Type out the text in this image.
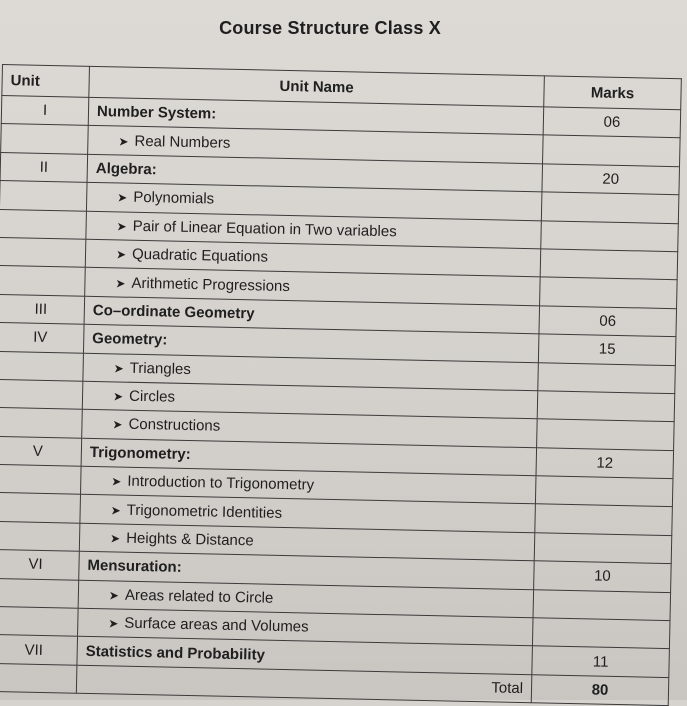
Course Structure Class X
Unit	Unit Name	Marks
I	Number System:	06
	➤ Real Numbers	
II	Algebra:	20
	➤ Polynomials	
	➤ Pair of Linear Equation in Two variables	
	➤ Quadratic Equations	
	➤ Arithmetic Progressions	
III	Co–ordinate Geometry	06
IV	Geometry:	15
	➤ Triangles	
	➤ Circles	
	➤ Constructions	
V	Trigonometry:	12
	➤ Introduction to Trigonometry	
	➤ Trigonometric Identities	
	➤ Heights & Distance	
VI	Mensuration:	10
	➤ Areas related to Circle	
	➤ Surface areas and Volumes	
VII	Statistics and Probability	11
	Total	80
